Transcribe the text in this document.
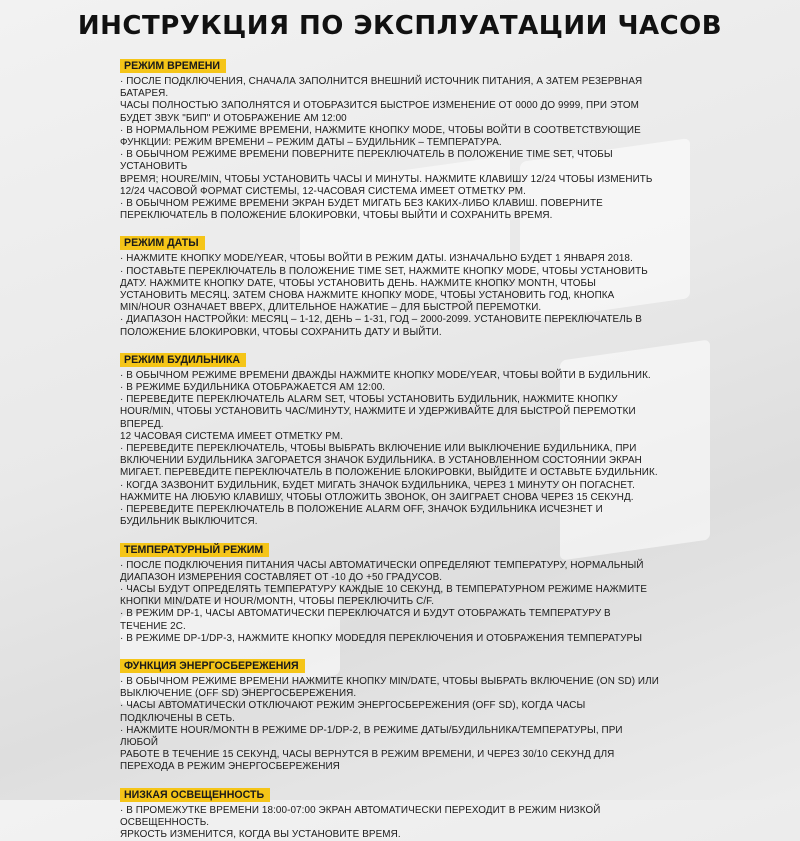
ИНСТРУКЦИЯ ПО ЭКСПЛУАТАЦИИ ЧАСОВ
РЕЖИМ ВРЕМЕНИ

· ПОСЛЕ ПОДКЛЮЧЕНИЯ, СНАЧАЛА ЗАПОЛНИТСЯ ВНЕШНИЙ ИСТОЧНИК ПИТАНИЯ, А ЗАТЕМ РЕЗЕРВНАЯ БАТАРЕЯ.

ЧАСЫ ПОЛНОСТЬЮ ЗАПОЛНЯТСЯ И ОТОБРАЗИТСЯ БЫСТРОЕ ИЗМЕНЕНИЕ ОТ 0000 ДО 9999, ПРИ ЭТОМ БУДЕТ ЗВУК "БИП" И ОТОБРАЖЕНИЕ AM 12:00

· В НОРМАЛЬНОМ РЕЖИМЕ ВРЕМЕНИ, НАЖМИТЕ КНОПКУ MODE, ЧТОБЫ ВОЙТИ В СООТВЕТСТВУЮЩИЕ ФУНКЦИИ: РЕЖИМ ВРЕМЕНИ – РЕЖИМ ДАТЫ – БУДИЛЬНИК – ТЕМПЕРАТУРА.

· В ОБЫЧНОМ РЕЖИМЕ ВРЕМЕНИ ПОВЕРНИТЕ ПЕРЕКЛЮЧАТЕЛЬ В ПОЛОЖЕНИЕ TIME SET, ЧТОБЫ УСТАНОВИТЬ

ВРЕМЯ; HOURE/MIN, ЧТОБЫ УСТАНОВИТЬ ЧАСЫ И МИНУТЫ. НАЖМИТЕ КЛАВИШУ 12/24 ЧТОБЫ ИЗМЕНИТЬ 12/24 ЧАСОВОЙ ФОРМАТ СИСТЕМЫ, 12-ЧАСОВАЯ СИСТЕМА ИМЕЕТ ОТМЕТКУ PM.

· В ОБЫЧНОМ РЕЖИМЕ ВРЕМЕНИ ЭКРАН БУДЕТ МИГАТЬ БЕЗ КАКИХ-ЛИБО КЛАВИШ. ПОВЕРНИТЕ ПЕРЕКЛЮЧАТЕЛЬ В ПОЛОЖЕНИЕ БЛОКИРОВКИ, ЧТОБЫ ВЫЙТИ И СОХРАНИТЬ ВРЕМЯ.

РЕЖИМ ДАТЫ

· НАЖМИТЕ КНОПКУ MODE/YEAR, ЧТОБЫ ВОЙТИ В РЕЖИМ ДАТЫ. ИЗНАЧАЛЬНО БУДЕТ 1 ЯНВАРЯ 2018.

· ПОСТАВЬТЕ ПЕРЕКЛЮЧАТЕЛЬ В ПОЛОЖЕНИЕ TIME SET, НАЖМИТЕ КНОПКУ MODE, ЧТОБЫ УСТАНОВИТЬ ДАТУ. НАЖМИТЕ КНОПКУ DATE, ЧТОБЫ УСТАНОВИТЬ ДЕНЬ. НАЖМИТЕ КНОПКУ MONTH, ЧТОБЫ УСТАНОВИТЬ МЕСЯЦ. ЗАТЕМ СНОВА НАЖМИТЕ КНОПКУ MODE, ЧТОБЫ УСТАНОВИТЬ ГОД, КНОПКА MIN/HOUR ОЗНАЧАЕТ ВВЕРХ, ДЛИТЕЛЬНОЕ НАЖАТИЕ – ДЛЯ БЫСТРОЙ ПЕРЕМОТКИ.

· ДИАПАЗОН НАСТРОЙКИ: МЕСЯЦ – 1-12, ДЕНЬ – 1-31, ГОД – 2000-2099. УСТАНОВИТЕ ПЕРЕКЛЮЧАТЕЛЬ В ПОЛОЖЕНИЕ БЛОКИРОВКИ, ЧТОБЫ СОХРАНИТЬ ДАТУ И ВЫЙТИ.

РЕЖИМ БУДИЛЬНИКА

· В ОБЫЧНОМ РЕЖИМЕ ВРЕМЕНИ ДВАЖДЫ НАЖМИТЕ КНОПКУ MODE/YEAR, ЧТОБЫ ВОЙТИ В БУДИЛЬНИК.

· В РЕЖИМЕ БУДИЛЬНИКА ОТОБРАЖАЕТСЯ AM 12:00.

· ПЕРЕВЕДИТЕ ПЕРЕКЛЮЧАТЕЛЬ ALARM SET, ЧТОБЫ УСТАНОВИТЬ БУДИЛЬНИК, НАЖМИТЕ КНОПКУ HOUR/MIN, ЧТОБЫ УСТАНОВИТЬ ЧАС/МИНУТУ, НАЖМИТЕ И УДЕРЖИВАЙТЕ ДЛЯ БЫСТРОЙ ПЕРЕМОТКИ ВПЕРЕД.

12 ЧАСОВАЯ СИСТЕМА ИМЕЕТ ОТМЕТКУ PM.

· ПЕРЕВЕДИТЕ ПЕРЕКЛЮЧАТЕЛЬ, ЧТОБЫ ВЫБРАТЬ ВКЛЮЧЕНИЕ ИЛИ ВЫКЛЮЧЕНИЕ БУДИЛЬНИКА, ПРИ ВКЛЮЧЕНИИ БУДИЛЬНИКА ЗАГОРАЕТСЯ ЗНАЧОК БУДИЛЬНИКА. В УСТАНОВЛЕННОМ СОСТОЯНИИ ЭКРАН МИГАЕТ. ПЕРЕВЕДИТЕ ПЕРЕКЛЮЧАТЕЛЬ В ПОЛОЖЕНИЕ БЛОКИРОВКИ, ВЫЙДИТЕ И ОСТАВЬТЕ БУДИЛЬНИК.

· КОГДА ЗАЗВОНИТ БУДИЛЬНИК, БУДЕТ МИГАТЬ ЗНАЧОК БУДИЛЬНИКА, ЧЕРЕЗ 1 МИНУТУ ОН ПОГАСНЕТ. НАЖМИТЕ НА ЛЮБУЮ КЛАВИШУ, ЧТОБЫ ОТЛОЖИТЬ ЗВОНОК, ОН ЗАИГРАЕТ СНОВА ЧЕРЕЗ 15 СЕКУНД.

· ПЕРЕВЕДИТЕ ПЕРЕКЛЮЧАТЕЛЬ В ПОЛОЖЕНИЕ ALARM OFF, ЗНАЧОК БУДИЛЬНИКА ИСЧЕЗНЕТ И БУДИЛЬНИК ВЫКЛЮЧИТСЯ.

ТЕМПЕРАТУРНЫЙ РЕЖИМ

· ПОСЛЕ ПОДКЛЮЧЕНИЯ ПИТАНИЯ ЧАСЫ АВТОМАТИЧЕСКИ ОПРЕДЕЛЯЮТ ТЕМПЕРАТУРУ, НОРМАЛЬНЫЙ ДИАПАЗОН ИЗМЕРЕНИЯ СОСТАВЛЯЕТ ОТ -10 ДО +50 ГРАДУСОВ.

· ЧАСЫ БУДУТ ОПРЕДЕЛЯТЬ ТЕМПЕРАТУРУ КАЖДЫЕ 10 СЕКУНД, В ТЕМПЕРАТУРНОМ РЕЖИМЕ НАЖМИТЕ КНОПКИ MIN/DATE И HOUR/MONTH, ЧТОБЫ ПЕРЕКЛЮЧИТЬ C/F.

· В РЕЖИМ DP-1, ЧАСЫ АВТОМАТИЧЕСКИ ПЕРЕКЛЮЧАТСЯ И БУДУТ ОТОБРАЖАТЬ ТЕМПЕРАТУРУ В ТЕЧЕНИЕ 2С.

· В РЕЖИМЕ DP-1/DP-3, НАЖМИТЕ КНОПКУ MODEДЛЯ ПЕРЕКЛЮЧЕНИЯ И ОТОБРАЖЕНИЯ ТЕМПЕРАТУРЫ

ФУНКЦИЯ ЭНЕРГОСБЕРЕЖЕНИЯ

· В ОБЫЧНОМ РЕЖИМЕ ВРЕМЕНИ НАЖМИТЕ КНОПКУ MIN/DATE, ЧТОБЫ ВЫБРАТЬ ВКЛЮЧЕНИЕ (ON SD) ИЛИ ВЫКЛЮЧЕНИЕ (OFF SD) ЭНЕРГОСБЕРЕЖЕНИЯ.

· ЧАСЫ АВТОМАТИЧЕСКИ ОТКЛЮЧАЮТ РЕЖИМ ЭНЕРГОСБЕРЕЖЕНИЯ (OFF SD), КОГДА ЧАСЫ ПОДКЛЮЧЕНЫ В СЕТЬ.

· НАЖМИТЕ HOUR/MONTH В РЕЖИМЕ DP-1/DP-2, В РЕЖИМЕ ДАТЫ/БУДИЛЬНИКА/ТЕМПЕРАТУРЫ, ПРИ ЛЮБОЙ

РАБОТЕ В ТЕЧЕНИЕ 15 СЕКУНД, ЧАСЫ ВЕРНУТСЯ В РЕЖИМ ВРЕМЕНИ, И ЧЕРЕЗ 30/10 СЕКУНД ДЛЯ ПЕРЕХОДА В РЕЖИМ ЭНЕРГОСБЕРЕЖЕНИЯ

НИЗКАЯ ОСВЕЩЕННОСТЬ

· В ПРОМЕЖУТКЕ ВРЕМЕНИ 18:00-07:00 ЭКРАН АВТОМАТИЧЕСКИ ПЕРЕХОДИТ В РЕЖИМ НИЗКОЙ ОСВЕЩЕННОСТЬ.

ЯРКОСТЬ ИЗМЕНИТСЯ, КОГДА ВЫ УСТАНОВИТЕ ВРЕМЯ.
